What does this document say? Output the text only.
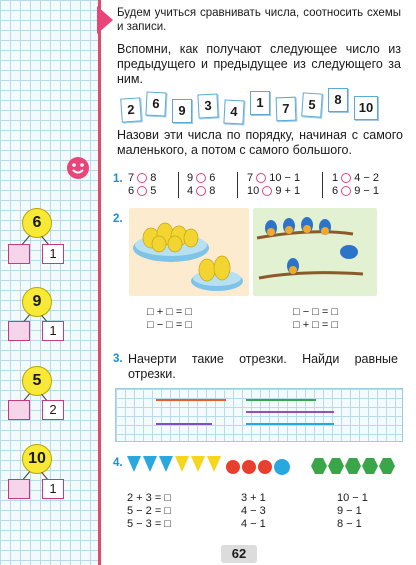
6
1
9
1
5
2
10
1
Будем учиться сравнивать числа, соотносить схемы и записи.
Вспомни, как получают следующее число из предыдущего и предыдущее из следующего за ним.
2	6	9	3	4
1	7	5	8
10
Назови эти числа по порядку, начиная с самого маленького, а потом с самого большого.
1. 7 8
6 5
9 6
4 8
7 10 − 1
10 9 + 1
1 4 − 2
6 9 − 1
2.
□ + □ = □
□ − □ = □
□ − □ = □
□ + □ = □
3. Начерти такие отрезки. Найди равные отрезки.
4.
2 + 3 = □
5 − 2 = □
5 − 3 = □
3 + 1
4 − 3
4 − 1
10 − 1
9 − 1
8 − 1
62
